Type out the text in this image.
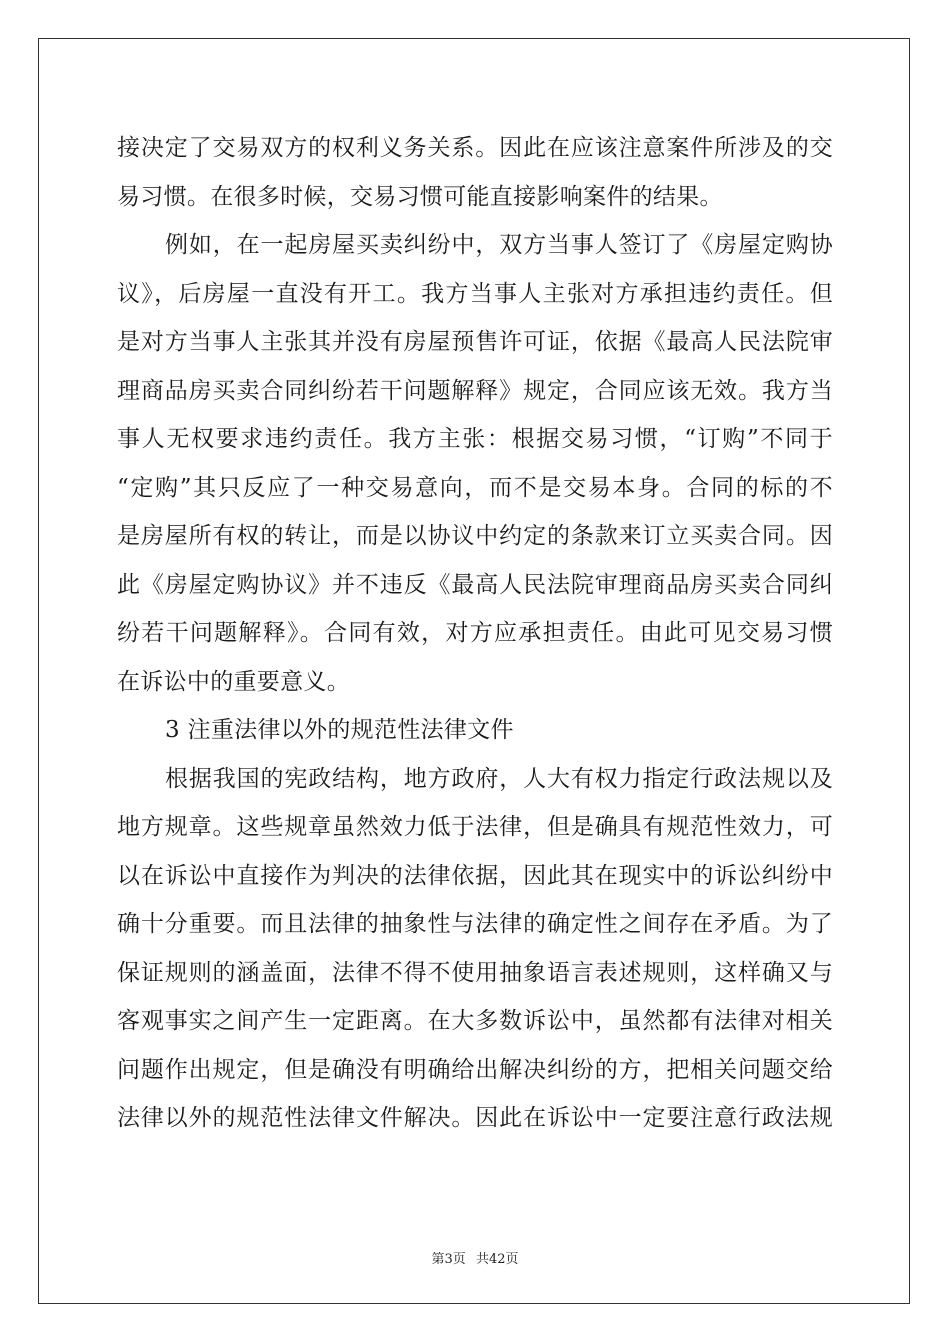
接决定了交易双方的权利义务关系。因此在应该注意案件所涉及的交
易习惯。在很多时候，交易习惯可能直接影响案件的结果。
例如，在一起房屋买卖纠纷中，双方当事人签订了《房屋定购协
议》，后房屋一直没有开工。我方当事人主张对方承担违约责任。但
是对方当事人主张其并没有房屋预售许可证，依据《最高人民法院审
理商品房买卖合同纠纷若干问题解释》规定，合同应该无效。我方当
事人无权要求违约责任。我方主张：根据交易习惯，“订购”不同于
“定购”其只反应了一种交易意向，而不是交易本身。合同的标的不
是房屋所有权的转让，而是以协议中约定的条款来订立买卖合同。因
此《房屋定购协议》并不违反《最高人民法院审理商品房买卖合同纠
纷若干问题解释》。合同有效，对方应承担责任。由此可见交易习惯
在诉讼中的重要意义。
3 注重法律以外的规范性法律文件
根据我国的宪政结构，地方政府，人大有权力指定行政法规以及
地方规章。这些规章虽然效力低于法律，但是确具有规范性效力，可
以在诉讼中直接作为判决的法律依据，因此其在现实中的诉讼纠纷中
确十分重要。而且法律的抽象性与法律的确定性之间存在矛盾。为了
保证规则的涵盖面，法律不得不使用抽象语言表述规则，这样确又与
客观事实之间产生一定距离。在大多数诉讼中，虽然都有法律对相关
问题作出规定，但是确没有明确给出解决纠纷的方，把相关问题交给
法律以外的规范性法律文件解决。因此在诉讼中一定要注意行政法规
第3页 共42页
